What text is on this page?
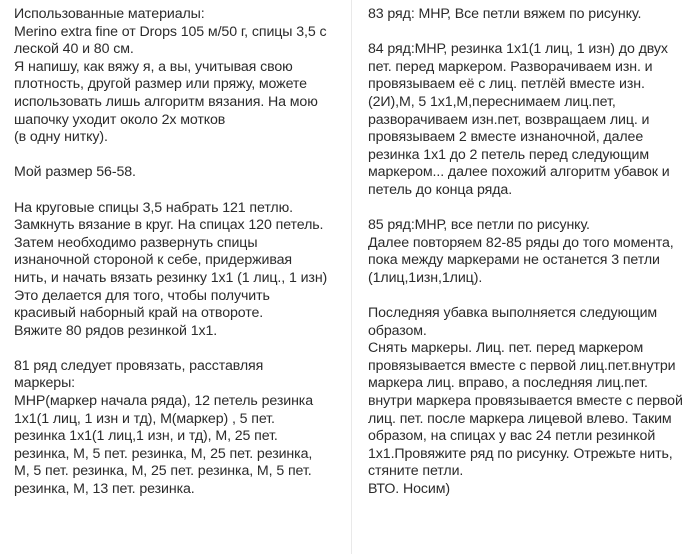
Использованные материалы:
Merino extra fine от Drops 105 м/50 г, спицы 3,5 с
леской 40 и 80 см.
Я напишу, как вяжу я, а вы, учитывая свою
плотность, другой размер или пряжу, можете
использовать лишь алгоритм вязания. На мою
шапочку уходит около 2х мотков
(в одну нитку).
Мой размер 56-58.
На круговые спицы 3,5 набрать 121 петлю.
Замкнуть вязание в круг. На спицах 120 петель.
Затем необходимо развернуть спицы
изнаночной стороной к себе, придерживая
нить, и начать вязать резинку 1х1 (1 лиц., 1 изн)
Это делается для того, чтобы получить
красивый наборный край на отвороте.
Вяжите 80 рядов резинкой 1х1.
81 ряд следует провязать, расставляя
маркеры:
МНР(маркер начала ряда), 12 петель резинка
1х1(1 лиц, 1 изн и тд), М(маркер) , 5 пет.
резинка 1х1(1 лиц,1 изн, и тд), М, 25 пет.
резинка, М, 5 пет. резинка, М, 25 пет. резинка,
М, 5 пет. резинка, М, 25 пет. резинка, М, 5 пет.
резинка, М, 13 пет. резинка.
83 ряд: МНР, Все петли вяжем по рисунку.
84 ряд:МНР, резинка 1х1(1 лиц, 1 изн) до двух
пет. перед маркером. Разворачиваем изн. и
провязываем её с лиц. петлёй вместе изн.
(2И),М, 5 1х1,М,переснимаем лиц.пет,
разворачиваем изн.пет, возвращаем лиц. и
провязываем 2 вместе изнаночной, далее
резинка 1х1 до 2 петель перед следующим
маркером... далее похожий алгоритм убавок и
петель до конца ряда.
85 ряд:МНР, все петли по рисунку.
Далее повторяем 82-85 ряды до того момента,
пока между маркерами не останется 3 петли
(1лиц,1изн,1лиц).
Последняя убавка выполняется следующим
образом.
Снять маркеры. Лиц. пет. перед маркером
провязывается вместе с первой лиц.пет.внутри
маркера лиц. вправо, а последняя лиц.пет.
внутри маркера провязывается вместе с первой
лиц. пет. после маркера лицевой влево. Таким
образом, на спицах у вас 24 петли резинкой
1х1.Провяжите ряд по рисунку. Отрежьте нить,
стяните петли.
ВТО. Носим)
